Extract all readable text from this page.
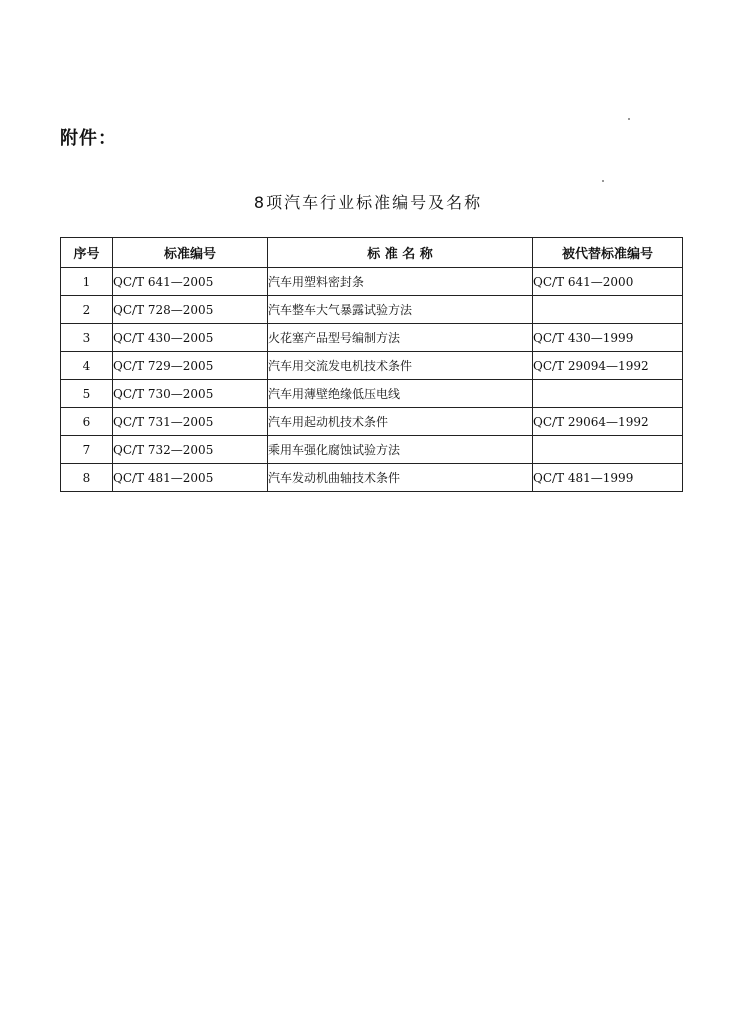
附件：
8项汽车行业标准编号及名称
序号	标准编号	标 准 名 称	被代替标准编号
1	QC/T 641—2005	汽车用塑料密封条	QC/T 641—2000
2	QC/T 728—2005	汽车整车大气暴露试验方法	
3	QC/T 430—2005	火花塞产品型号编制方法	QC/T 430—1999
4	QC/T 729—2005	汽车用交流发电机技术条件	QC/T 29094—1992
5	QC/T 730—2005	汽车用薄壁绝缘低压电线	
6	QC/T 731—2005	汽车用起动机技术条件	QC/T 29064—1992
7	QC/T 732—2005	乘用车强化腐蚀试验方法	
8	QC/T 481—2005	汽车发动机曲轴技术条件	QC/T 481—1999
